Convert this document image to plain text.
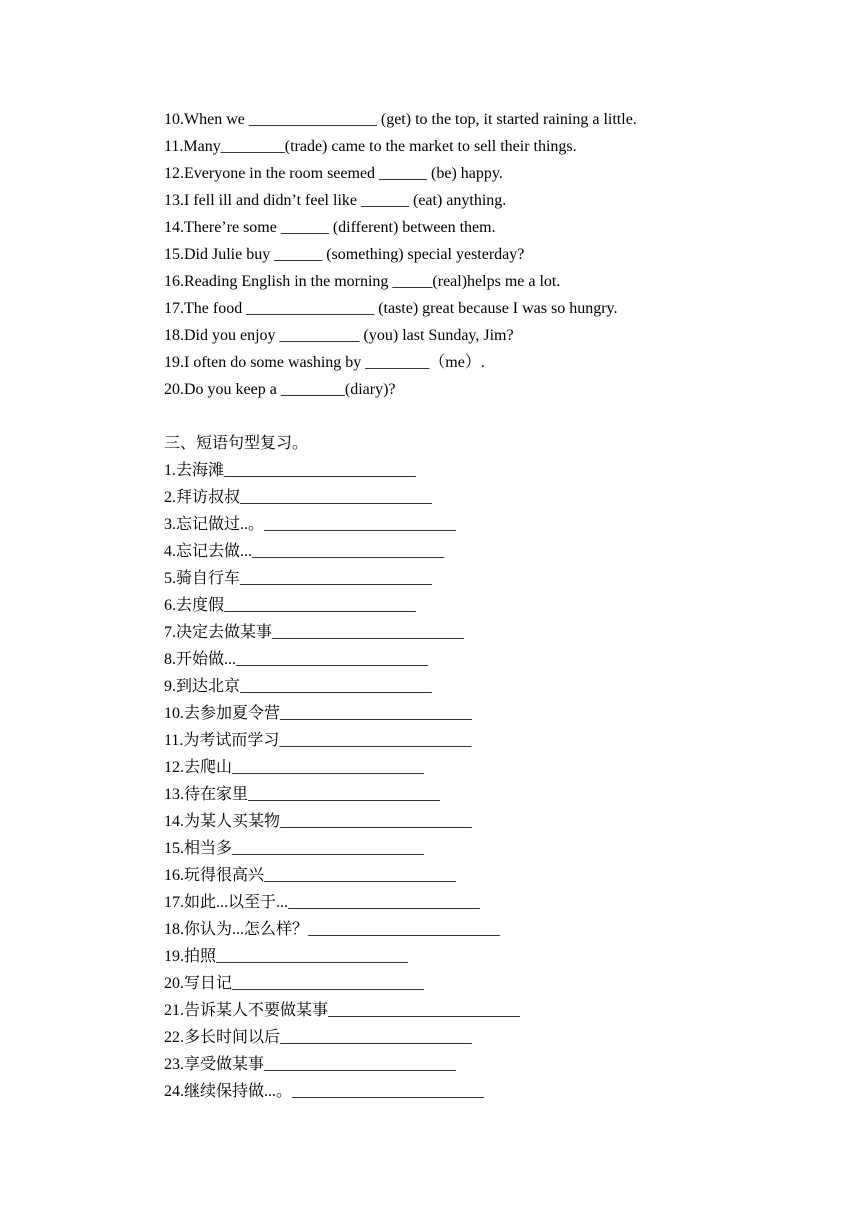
10.When we ________________ (get) to the top, it started raining a little.
11.Many________(trade) came to the market to sell their things.
12.Everyone in the room seemed ______ (be) happy.
13.I fell ill and didn’t feel like ______ (eat) anything.
14.There’re some ______ (different) between them.
15.Did Julie buy ______ (something) special yesterday?
16.Reading English in the morning _____(real)helps me a lot.
17.The food ________________ (taste) great because I was so hungry.
18.Did you enjoy __________ (you) last Sunday, Jim?
19.I often do some washing by ________（me）.
20.Do you keep a ________(diary)?
三、短语句型复习。
1.去海滩________________________
2.拜访叔叔________________________
3.忘记做过..。________________________
4.忘记去做...________________________
5.骑自行车________________________
6.去度假________________________
7.决定去做某事________________________
8.开始做...________________________
9.到达北京________________________
10.去参加夏令营________________________
11.为考试而学习________________________
12.去爬山________________________
13.待在家里________________________
14.为某人买某物________________________
15.相当多________________________
16.玩得很高兴________________________
17.如此...以至于...________________________
18.你认为...怎么样？________________________
19.拍照________________________
20.写日记________________________
21.告诉某人不要做某事________________________
22.多长时间以后________________________
23.享受做某事________________________
24.继续保持做...。________________________
